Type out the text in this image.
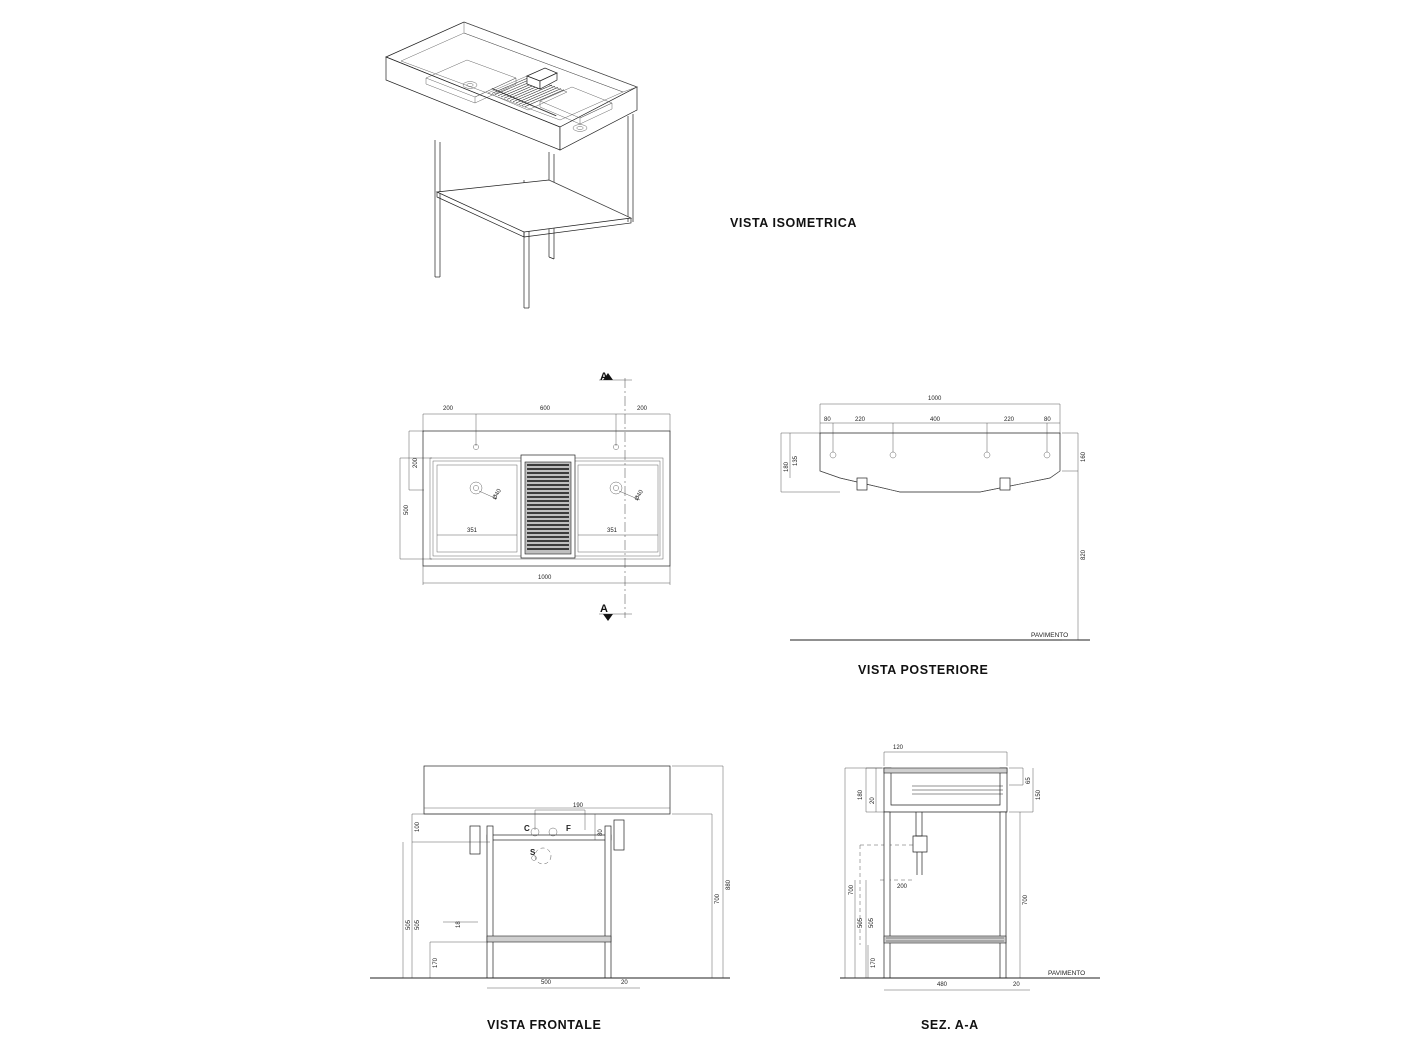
VISTA ISOMETRICA
200	600	200
200
500
1000
351	351
Ø40	Ø40
A
A
1000
80	220	400	220	80
135
180
160
820
PAVIMENTO
VISTA POSTERIORE
190
100
80
C	F
S
505 505	18
170
700
880
500	20
VISTA FRONTALE
120
65
150
180
20
200
700
505 505
170
700
480	20
PAVIMENTO
SEZ. A-A
